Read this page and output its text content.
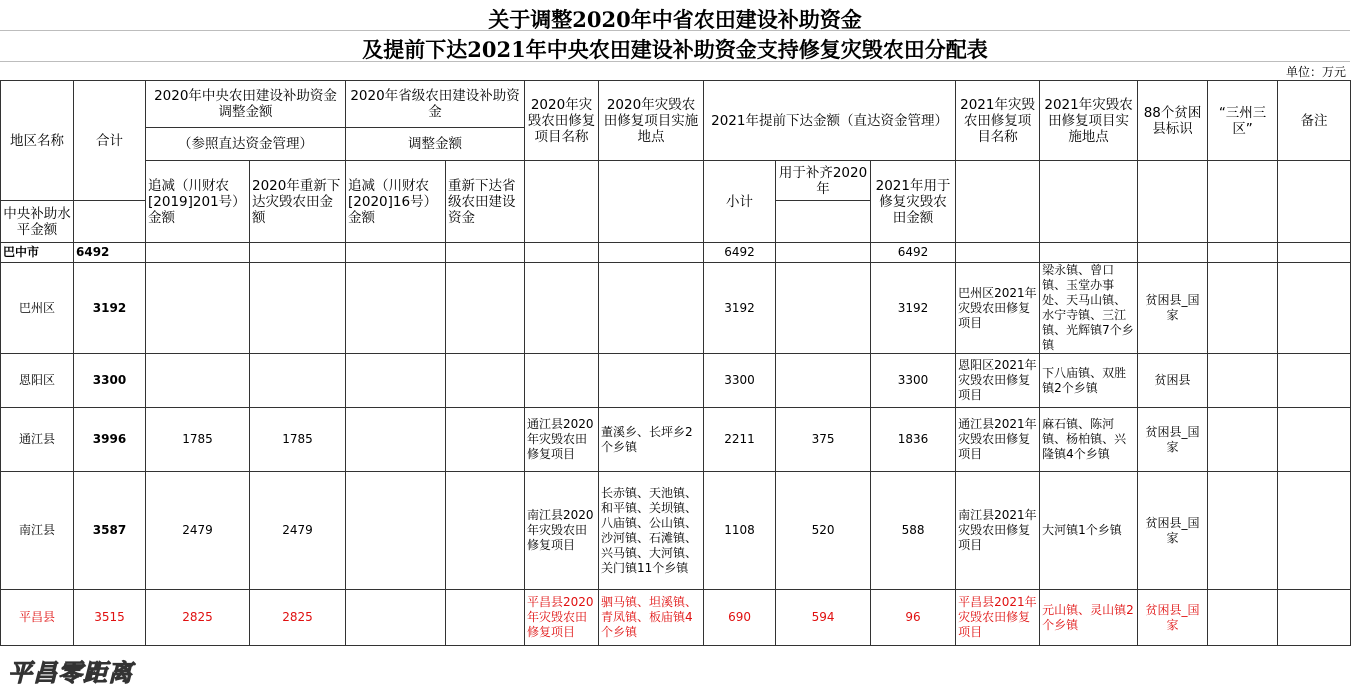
关于调整2020年中省农田建设补助资金
及提前下达2021年中央农田建设补助资金支持修复灾毁农田分配表
单位：万元
地区名称	合计	2020年中央农田建设补助资金调整金额		2020年省级农田建设补助资金		2020年灾毁农田修复项目名称	2020年灾毁农田修复项目实施地点	2021年提前下达金额（直达资金管理）			2021年灾毁农田修复项目名称	2021年灾毁农田修复项目实施地点	88个贫困县标识	“三州三区”	备注	
		（参照直达资金管理）		调整金额												
		追减（川财农[2019]201号）金额	2020年重新下达灾毁农田金额	追减（川财农[2020]16号）金额	重新下达省级农田建设资金			小计	用于补齐2020年	2021年用于修复灾毁农田金额						
中央补助水平金额																
巴中市	6492							6492		6492						
巴州区	3192							3192		3192	巴州区2021年灾毁农田修复项目	梁永镇、曾口镇、玉堂办事处、天马山镇、水宁寺镇、三江镇、光辉镇7个乡镇	贫困县_国家			
恩阳区	3300							3300		3300	恩阳区2021年灾毁农田修复项目	下八庙镇、双胜镇2个乡镇	贫困县			
通江县	3996	1785	1785			通江县2020年灾毁农田修复项目	董溪乡、长坪乡2个乡镇	2211	375	1836	通江县2021年灾毁农田修复项目	麻石镇、陈河镇、杨柏镇、兴隆镇4个乡镇	贫困县_国家			
南江县	3587	2479	2479			南江县2020年灾毁农田修复项目	长赤镇、天池镇、和平镇、关坝镇、八庙镇、公山镇、沙河镇、石滩镇、兴马镇、大河镇、关门镇11个乡镇	1108	520	588	南江县2021年灾毁农田修复项目	大河镇1个乡镇	贫困县_国家			
平昌县	3515	2825	2825			平昌县2020年灾毁农田修复项目	驷马镇、坦溪镇、青凤镇、板庙镇4个乡镇	690	594	96	平昌县2021年灾毁农田修复项目	元山镇、灵山镇2个乡镇	贫困县_国家			
平昌零距离
